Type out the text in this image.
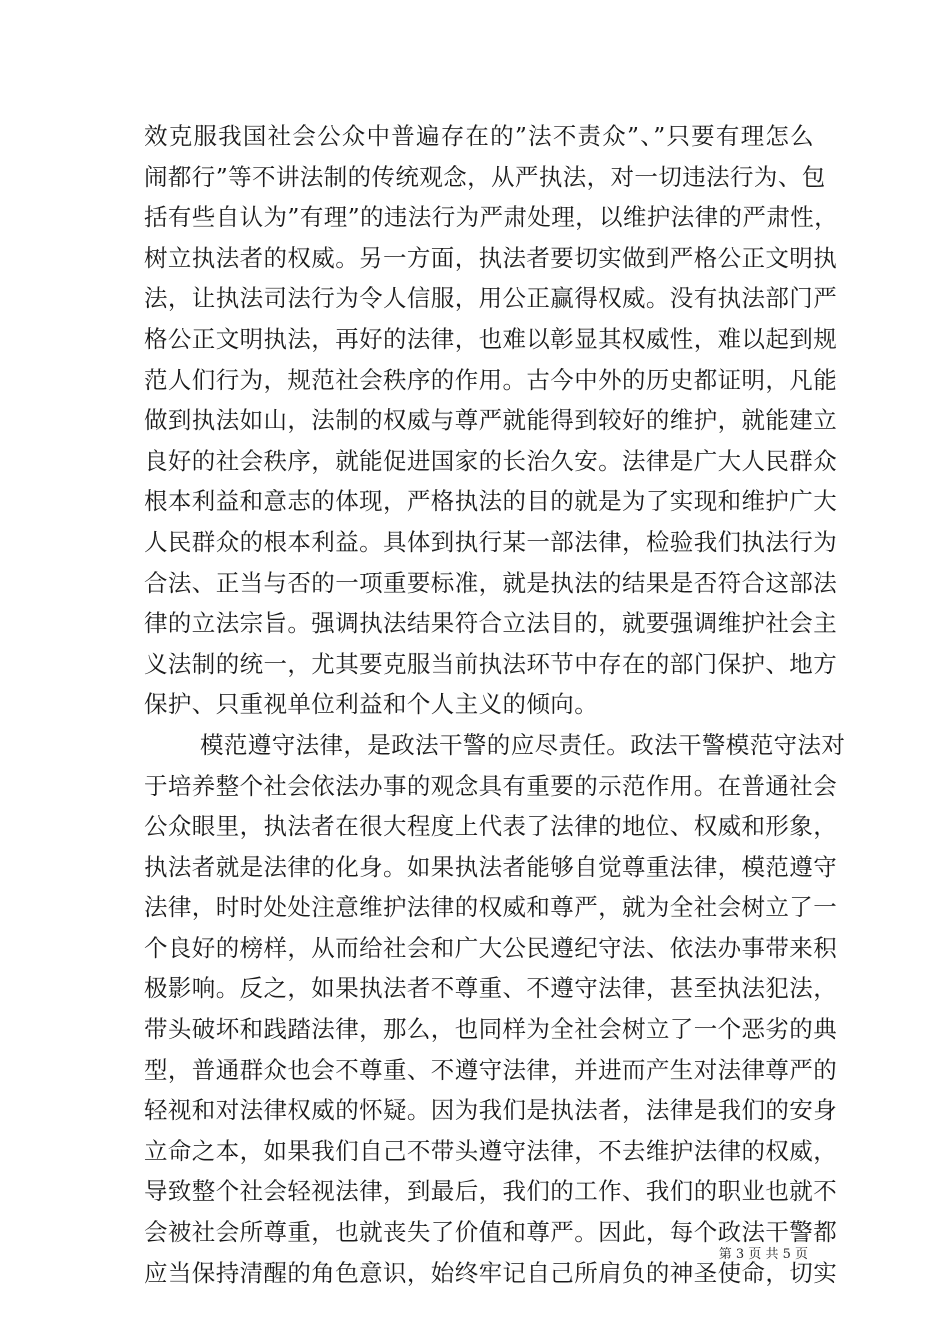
效克服我国社会公众中普遍存在的”法不责众”、”只要有理怎么
闹都行”等不讲法制的传统观念，从严执法，对一切违法行为、包
括有些自认为”有理”的违法行为严肃处理，以维护法律的严肃性，
树立执法者的权威。另一方面，执法者要切实做到严格公正文明执
法，让执法司法行为令人信服，用公正赢得权威。没有执法部门严
格公正文明执法，再好的法律，也难以彰显其权威性，难以起到规
范人们行为，规范社会秩序的作用。古今中外的历史都证明，凡能
做到执法如山，法制的权威与尊严就能得到较好的维护，就能建立
良好的社会秩序，就能促进国家的长治久安。法律是广大人民群众
根本利益和意志的体现，严格执法的目的就是为了实现和维护广大
人民群众的根本利益。具体到执行某一部法律，检验我们执法行为
合法、正当与否的一项重要标准，就是执法的结果是否符合这部法
律的立法宗旨。强调执法结果符合立法目的，就要强调维护社会主
义法制的统一，尤其要克服当前执法环节中存在的部门保护、地方
保护、只重视单位利益和个人主义的倾向。
模范遵守法律，是政法干警的应尽责任。政法干警模范守法对
于培养整个社会依法办事的观念具有重要的示范作用。在普通社会
公众眼里，执法者在很大程度上代表了法律的地位、权威和形象，
执法者就是法律的化身。如果执法者能够自觉尊重法律，模范遵守
法律，时时处处注意维护法律的权威和尊严，就为全社会树立了一
个良好的榜样，从而给社会和广大公民遵纪守法、依法办事带来积
极影响。反之，如果执法者不尊重、不遵守法律，甚至执法犯法，
带头破坏和践踏法律，那么，也同样为全社会树立了一个恶劣的典
型，普通群众也会不尊重、不遵守法律，并进而产生对法律尊严的
轻视和对法律权威的怀疑。因为我们是执法者，法律是我们的安身
立命之本，如果我们自己不带头遵守法律，不去维护法律的权威，
导致整个社会轻视法律，到最后，我们的工作、我们的职业也就不
会被社会所尊重，也就丧失了价值和尊严。因此，每个政法干警都
应当保持清醒的角色意识，始终牢记自己所肩负的神圣使命，切实
第 3 页 共 5 页
